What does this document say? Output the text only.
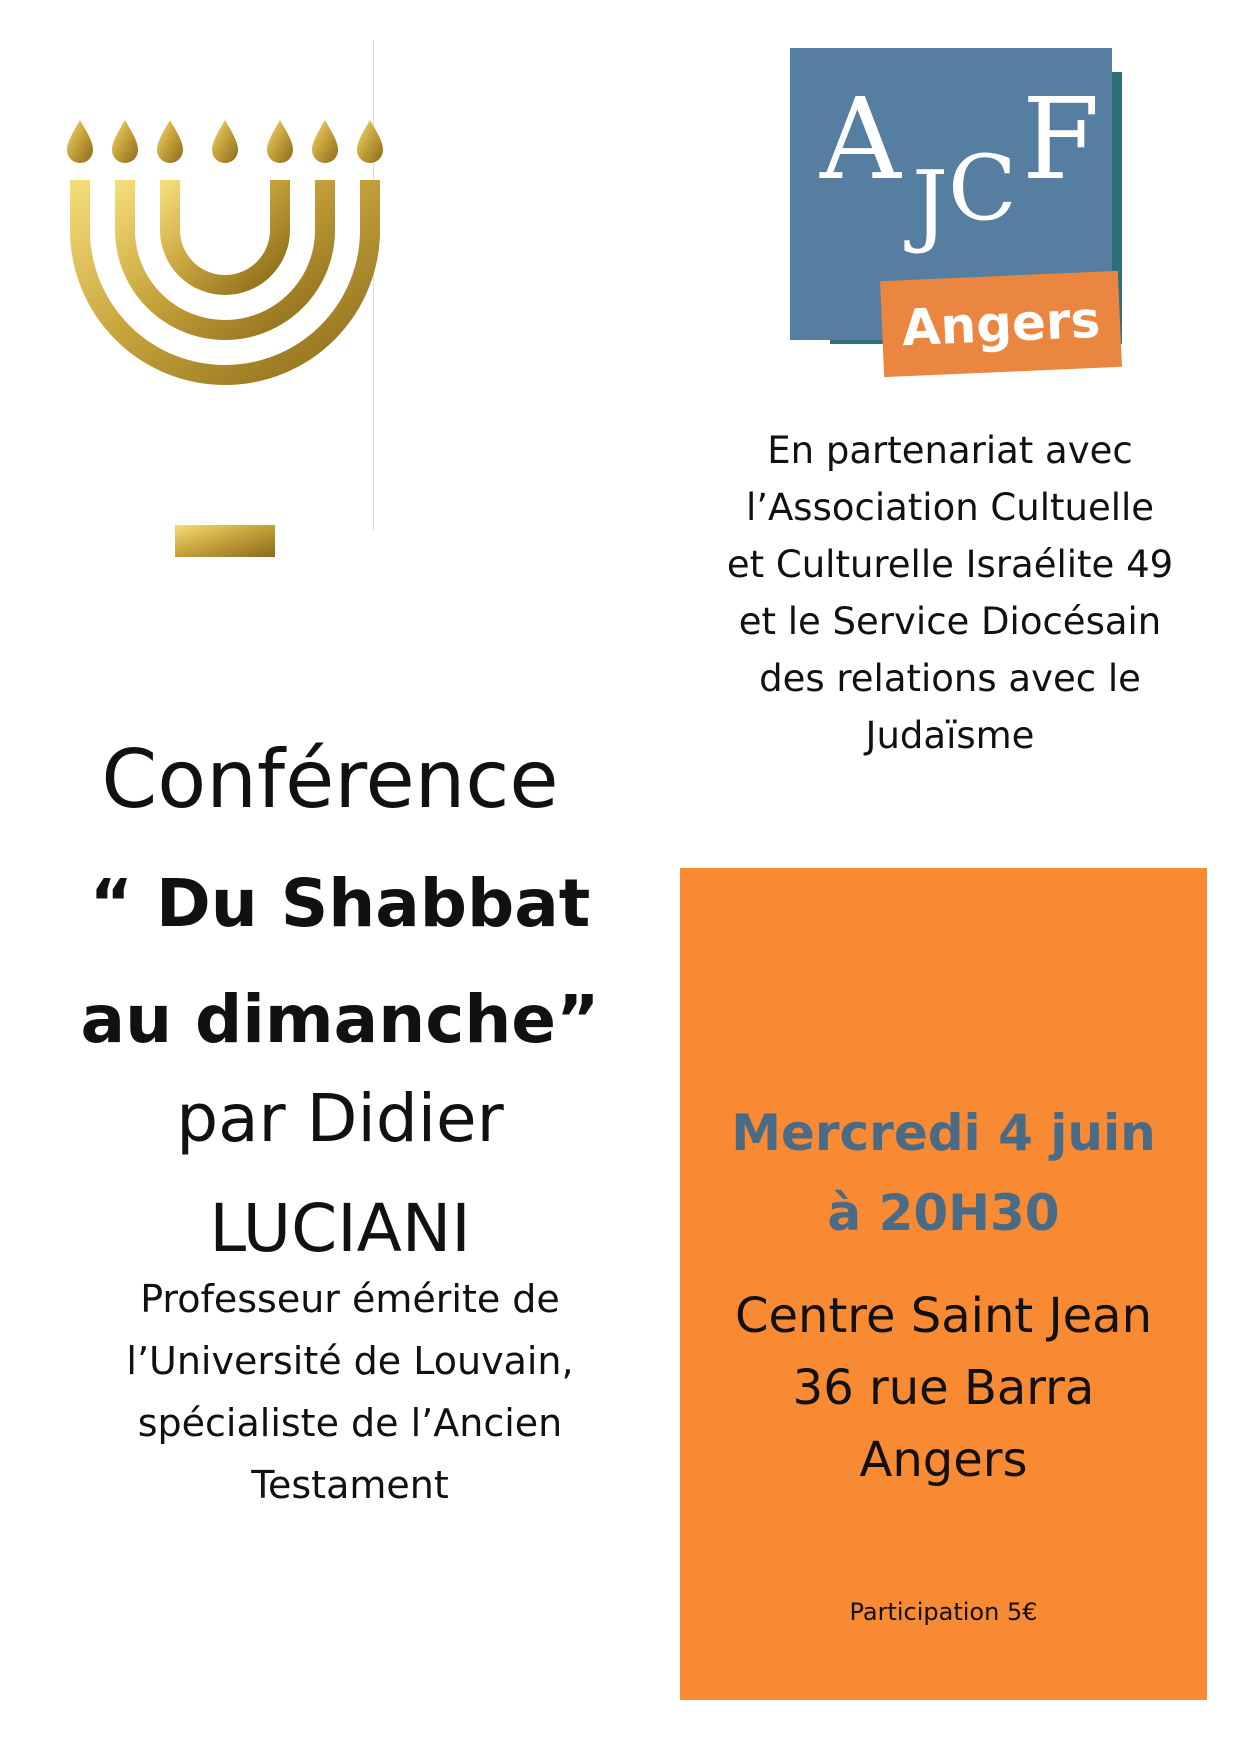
A J C F
Angers
En partenariat avec
l’Association Cultuelle
et Culturelle Israélite 49
et le Service Diocésain
des relations avec le
Judaïsme
Conférence
“ Du Shabbat
au dimanche”
par Didier
LUCIANI
Professeur émérite de
l’Université de Louvain,
spécialiste de l’Ancien
Testament
Mercredi 4 juin
à 20H30
Centre Saint Jean
36 rue Barra
Angers
Participation 5€
